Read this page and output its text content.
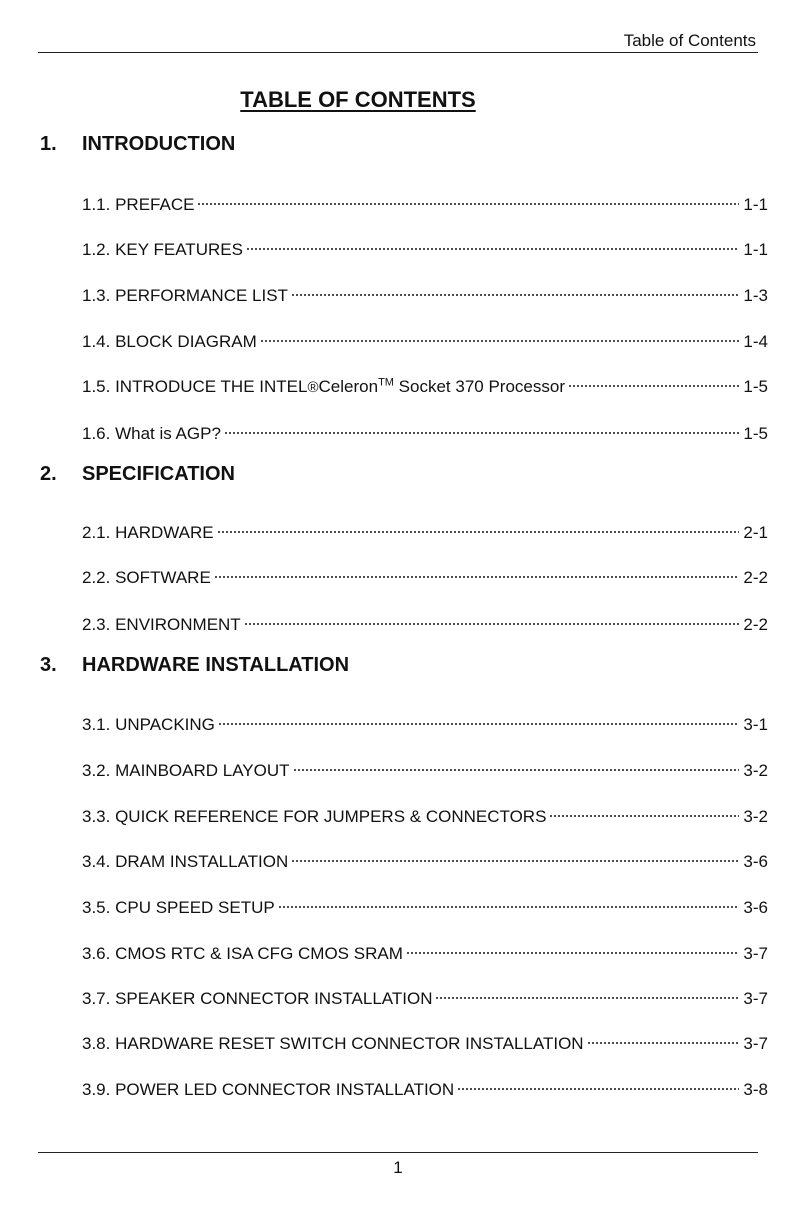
Table of Contents
TABLE OF CONTENTS
1. INTRODUCTION
1.1. PREFACE	1-1
1.2. KEY FEATURES	1-1
1.3. PERFORMANCE LIST	1-3
1.4. BLOCK DIAGRAM	1-4
1.5. INTRODUCE THE INTEL®Celeron™ Socket 370 Processor	1-5
1.6. What is AGP?	1-5
2. SPECIFICATION
2.1. HARDWARE	2-1
2.2. SOFTWARE	2-2
2.3. ENVIRONMENT	2-2
3. HARDWARE INSTALLATION
3.1. UNPACKING	3-1
3.2. MAINBOARD LAYOUT	3-2
3.3. QUICK REFERENCE FOR JUMPERS & CONNECTORS	3-2
3.4. DRAM INSTALLATION	3-6
3.5. CPU SPEED SETUP	3-6
3.6. CMOS RTC & ISA CFG CMOS SRAM	3-7
3.7. SPEAKER CONNECTOR INSTALLATION	3-7
3.8. HARDWARE RESET SWITCH CONNECTOR INSTALLATION	3-7
3.9. POWER LED CONNECTOR INSTALLATION	3-8
1
